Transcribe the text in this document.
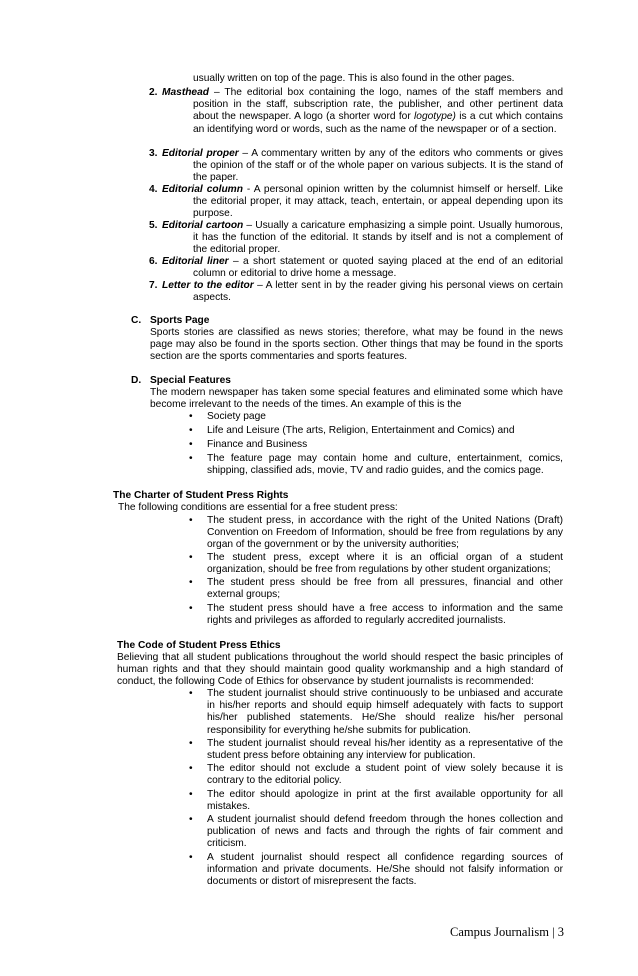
usually written on top of the page. This is also found in the other pages.

2. Masthead – The editorial box containing the logo, names of the staff members and position in the staff, subscription rate, the publisher, and other pertinent data about the newspaper. A logo (a shorter word for logotype) is a cut which contains an identifying word or words, such as the name of the newspaper or of a section.

3. Editorial proper – A commentary written by any of the editors who comments or gives the opinion of the staff or of the whole paper on various subjects. It is the stand of the paper.

4. Editorial column - A personal opinion written by the columnist himself or herself. Like the editorial proper, it may attack, teach, entertain, or appeal depending upon its purpose.

5. Editorial cartoon – Usually a caricature emphasizing a simple point. Usually humorous, it has the function of the editorial. It stands by itself and is not a complement of the editorial proper.

6. Editorial liner – a short statement or quoted saying placed at the end of an editorial column or editorial to drive home a message.

7. Letter to the editor – A letter sent in by the reader giving his personal views on certain aspects.

C. Sports Page

Sports stories are classified as news stories; therefore, what may be found in the news page may also be found in the sports section. Other things that may be found in the sports section are the sports commentaries and sports features.

D. Special Features

The modern newspaper has taken some special features and eliminated some which have become irrelevant to the needs of the times. An example of this is the

• Society page

• Life and Leisure (The arts, Religion, Entertainment and Comics) and

• Finance and Business

• The feature page may contain home and culture, entertainment, comics, shipping, classified ads, movie, TV and radio guides, and the comics page.

The Charter of Student Press Rights

The following conditions are essential for a free student press:

• The student press, in accordance with the right of the United Nations (Draft) Convention on Freedom of Information, should be free from regulations by any organ of the government or by the university authorities;

• The student press, except where it is an official organ of a student organization, should be free from regulations by other student organizations;

• The student press should be free from all pressures, financial and other external groups;

• The student press should have a free access to information and the same rights and privileges as afforded to regularly accredited journalists.

The Code of Student Press Ethics

Believing that all student publications throughout the world should respect the basic principles of human rights and that they should maintain good quality workmanship and a high standard of conduct, the following Code of Ethics for observance by student journalists is recommended:

• The student journalist should strive continuously to be unbiased and accurate in his/her reports and should equip himself adequately with facts to support his/her published statements. He/She should realize his/her personal responsibility for everything he/she submits for publication.

• The student journalist should reveal his/her identity as a representative of the student press before obtaining any interview for publication.

• The editor should not exclude a student point of view solely because it is contrary to the editorial policy.

• The editor should apologize in print at the first available opportunity for all mistakes.

• A student journalist should defend freedom through the hones collection and publication of news and facts and through the rights of fair comment and criticism.

• A student journalist should respect all confidence regarding sources of information and private documents. He/She should not falsify information or documents or distort of misrepresent the facts.

Campus Journalism | 3
